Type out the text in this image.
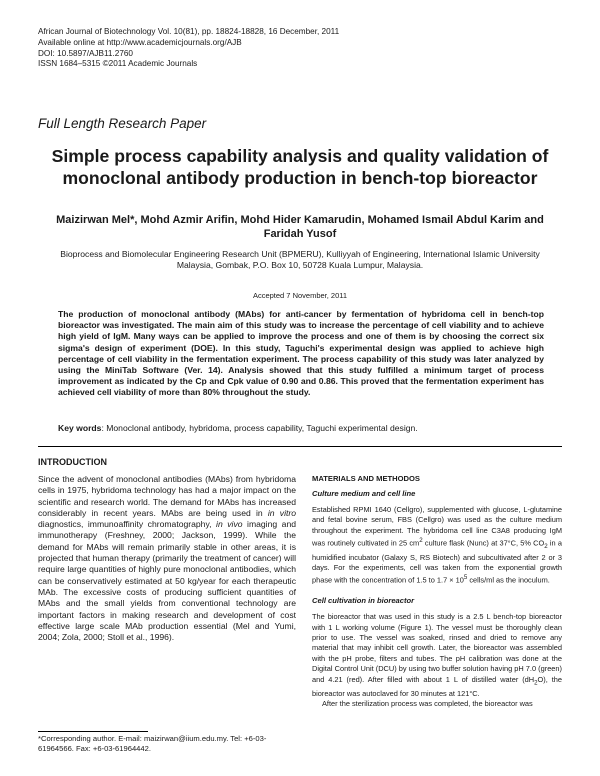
African Journal of Biotechnology Vol. 10(81), pp. 18824-18828, 16 December, 2011
Available online at http://www.academicjournals.org/AJB
DOI: 10.5897/AJB11.2760
ISSN 1684–5315 ©2011 Academic Journals
Full Length Research Paper
Simple process capability analysis and quality validation of monoclonal antibody production in bench-top bioreactor
Maizirwan Mel*, Mohd Azmir Arifin, Mohd Hider Kamarudin, Mohamed Ismail Abdul Karim and Faridah Yusof
Bioprocess and Biomolecular Engineering Research Unit (BPMERU), Kulliyyah of Engineering, International Islamic University Malaysia, Gombak, P.O. Box 10, 50728 Kuala Lumpur, Malaysia.
Accepted 7 November, 2011
The production of monoclonal antibody (MAbs) for anti-cancer by fermentation of hybridoma cell in bench-top bioreactor was investigated. The main aim of this study was to increase the percentage of cell viability and to achieve high yield of IgM. Many ways can be applied to improve the process and one of them is by choosing the correct six sigma's design of experiment (DOE). In this study, Taguchi's experimental design was applied to achieve high percentage of cell viability in the fermentation experiment. The process capability of this study was later analyzed by using the MiniTab Software (Ver. 14). Analysis showed that this study fulfilled a minimum target of process improvement as indicated by the Cp and Cpk value of 0.90 and 0.86. This proved that the fermentation experiment has achieved cell viability of more than 80% throughout the study.
Key words: Monoclonal antibody, hybridoma, process capability, Taguchi experimental design.
INTRODUCTION

Since the advent of monoclonal antibodies (MAbs) from hybridoma cells in 1975, hybridoma technology has had a major impact on the scientific and research world. The demand for MAbs has increased considerably in recent years. MAbs are being used in in vitro diagnostics, immunoaffinity chromatography, in vivo imaging and immunotherapy (Freshney, 2000; Jackson, 1999). While the demand for MAbs will remain primarily stable in other areas, it is projected that human therapy (primarily the treatment of cancer) will require large quantities of highly pure monoclonal antibodies, which can be conservatively estimated at 50 kg/year for each therapeutic MAb. The excessive costs of producing sufficient quantities of MAbs and the small yields from conventional technology are important factors in making research and development of cost effective large scale MAb production essential (Mel and Yumi, 2004; Zola, 2000; Stoll et al., 1996).

MATERIALS AND METHODOS
Culture medium and cell line

Established RPMI 1640 (Cellgro), supplemented with glucose, L-glutamine and fetal bovine serum, FBS (Cellgro) was used as the culture medium throughout the experiment. The hybridoma cell line C3A8 producing IgM was routinely cultivated in 25 $cm^2$ culture flask (Nunc) at 37°C, 5% $CO_2$ in a humidified incubator (Galaxy S, RS Biotech) and subcultivated after 2 or 3 days. For the experiments, cell was taken from the exponential growth phase with the concentration of 1.5 to $1.7 \times 10^5$ cells/ml as the inoculum.

Cell cultivation in bioreactor

The bioreactor that was used in this study is a 2.5 L bench-top bioreactor with 1 L working volume (Figure 1). The vessel must be thoroughly clean prior to use. The vessel was soaked, rinsed and dried to remove any material that may inhibit cell growth. Later, the bioreactor was assembled with the pH probe, filters and tubes. The pH calibration was done at the Digital Control Unit (DCU) by using two buffer solution having pH 7.0 (green) and 4.21 (red). After filled with about 1 L of distilled water $(dH_2O)$, the bioreactor was autoclaved for 30 minutes at 121°C.

After the sterilization process was completed, the bioreactor was

*Corresponding author. E-mail: maizirwan@iium.edu.my. Tel: +6-03-61964566. Fax: +6-03-61964442.
